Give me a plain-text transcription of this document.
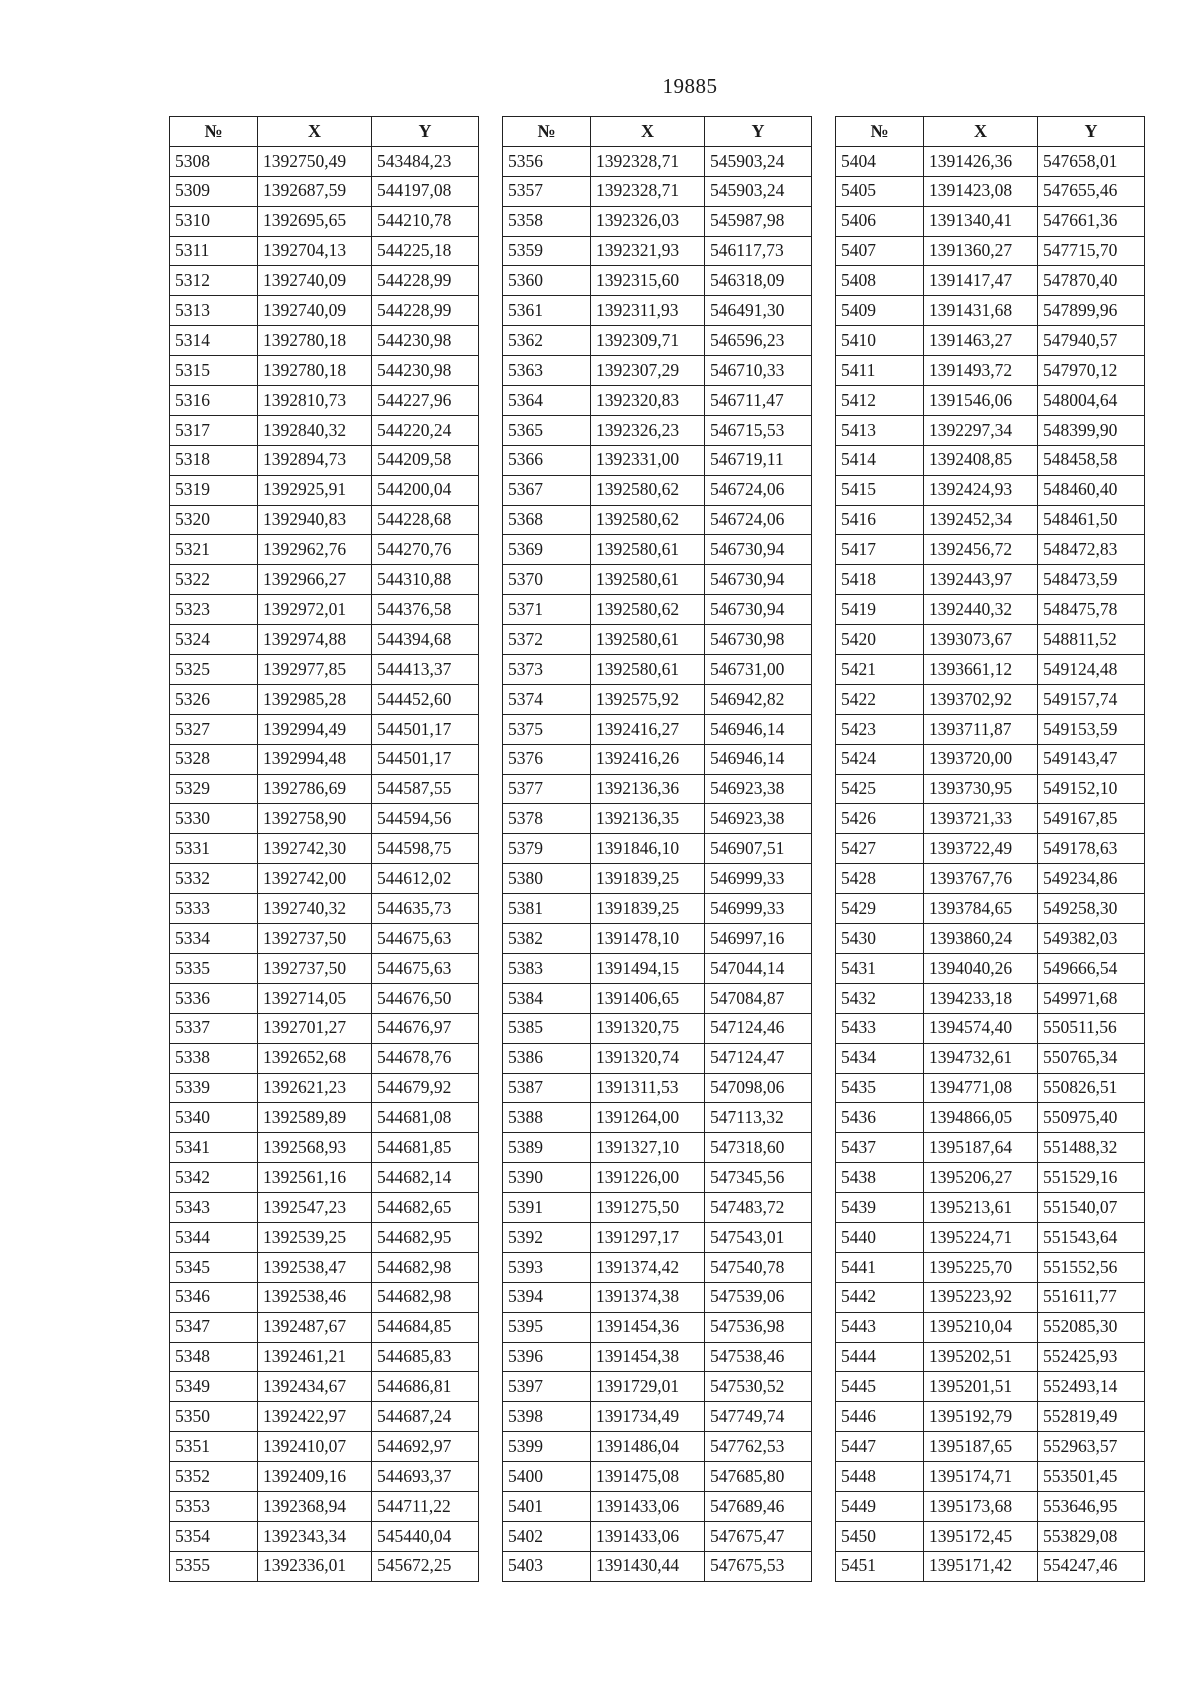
19885
№	X	Y
5308	1392750,49	543484,23
5309	1392687,59	544197,08
5310	1392695,65	544210,78
5311	1392704,13	544225,18
5312	1392740,09	544228,99
5313	1392740,09	544228,99
5314	1392780,18	544230,98
5315	1392780,18	544230,98
5316	1392810,73	544227,96
5317	1392840,32	544220,24
5318	1392894,73	544209,58
5319	1392925,91	544200,04
5320	1392940,83	544228,68
5321	1392962,76	544270,76
5322	1392966,27	544310,88
5323	1392972,01	544376,58
5324	1392974,88	544394,68
5325	1392977,85	544413,37
5326	1392985,28	544452,60
5327	1392994,49	544501,17
5328	1392994,48	544501,17
5329	1392786,69	544587,55
5330	1392758,90	544594,56
5331	1392742,30	544598,75
5332	1392742,00	544612,02
5333	1392740,32	544635,73
5334	1392737,50	544675,63
5335	1392737,50	544675,63
5336	1392714,05	544676,50
5337	1392701,27	544676,97
5338	1392652,68	544678,76
5339	1392621,23	544679,92
5340	1392589,89	544681,08
5341	1392568,93	544681,85
5342	1392561,16	544682,14
5343	1392547,23	544682,65
5344	1392539,25	544682,95
5345	1392538,47	544682,98
5346	1392538,46	544682,98
5347	1392487,67	544684,85
5348	1392461,21	544685,83
5349	1392434,67	544686,81
5350	1392422,97	544687,24
5351	1392410,07	544692,97
5352	1392409,16	544693,37
5353	1392368,94	544711,22
5354	1392343,34	545440,04
5355	1392336,01	545672,25
№	X	Y
5356	1392328,71	545903,24
5357	1392328,71	545903,24
5358	1392326,03	545987,98
5359	1392321,93	546117,73
5360	1392315,60	546318,09
5361	1392311,93	546491,30
5362	1392309,71	546596,23
5363	1392307,29	546710,33
5364	1392320,83	546711,47
5365	1392326,23	546715,53
5366	1392331,00	546719,11
5367	1392580,62	546724,06
5368	1392580,62	546724,06
5369	1392580,61	546730,94
5370	1392580,61	546730,94
5371	1392580,62	546730,94
5372	1392580,61	546730,98
5373	1392580,61	546731,00
5374	1392575,92	546942,82
5375	1392416,27	546946,14
5376	1392416,26	546946,14
5377	1392136,36	546923,38
5378	1392136,35	546923,38
5379	1391846,10	546907,51
5380	1391839,25	546999,33
5381	1391839,25	546999,33
5382	1391478,10	546997,16
5383	1391494,15	547044,14
5384	1391406,65	547084,87
5385	1391320,75	547124,46
5386	1391320,74	547124,47
5387	1391311,53	547098,06
5388	1391264,00	547113,32
5389	1391327,10	547318,60
5390	1391226,00	547345,56
5391	1391275,50	547483,72
5392	1391297,17	547543,01
5393	1391374,42	547540,78
5394	1391374,38	547539,06
5395	1391454,36	547536,98
5396	1391454,38	547538,46
5397	1391729,01	547530,52
5398	1391734,49	547749,74
5399	1391486,04	547762,53
5400	1391475,08	547685,80
5401	1391433,06	547689,46
5402	1391433,06	547675,47
5403	1391430,44	547675,53
№	X	Y
5404	1391426,36	547658,01
5405	1391423,08	547655,46
5406	1391340,41	547661,36
5407	1391360,27	547715,70
5408	1391417,47	547870,40
5409	1391431,68	547899,96
5410	1391463,27	547940,57
5411	1391493,72	547970,12
5412	1391546,06	548004,64
5413	1392297,34	548399,90
5414	1392408,85	548458,58
5415	1392424,93	548460,40
5416	1392452,34	548461,50
5417	1392456,72	548472,83
5418	1392443,97	548473,59
5419	1392440,32	548475,78
5420	1393073,67	548811,52
5421	1393661,12	549124,48
5422	1393702,92	549157,74
5423	1393711,87	549153,59
5424	1393720,00	549143,47
5425	1393730,95	549152,10
5426	1393721,33	549167,85
5427	1393722,49	549178,63
5428	1393767,76	549234,86
5429	1393784,65	549258,30
5430	1393860,24	549382,03
5431	1394040,26	549666,54
5432	1394233,18	549971,68
5433	1394574,40	550511,56
5434	1394732,61	550765,34
5435	1394771,08	550826,51
5436	1394866,05	550975,40
5437	1395187,64	551488,32
5438	1395206,27	551529,16
5439	1395213,61	551540,07
5440	1395224,71	551543,64
5441	1395225,70	551552,56
5442	1395223,92	551611,77
5443	1395210,04	552085,30
5444	1395202,51	552425,93
5445	1395201,51	552493,14
5446	1395192,79	552819,49
5447	1395187,65	552963,57
5448	1395174,71	553501,45
5449	1395173,68	553646,95
5450	1395172,45	553829,08
5451	1395171,42	554247,46
